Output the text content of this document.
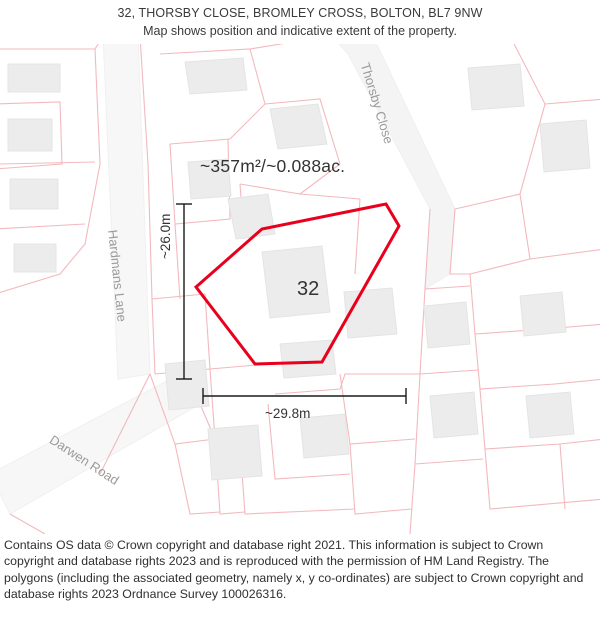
32, THORSBY CLOSE, BROMLEY CROSS, BOLTON, BL7 9NW
Map shows position and indicative extent of the property.
~357m²/~0.088ac.
32
~26.0m
~29.8m
Thorsby Close
Hardmans Lane
Darwen Road
Contains OS data © Crown copyright and database right 2021. This information is subject to Crown copyright and database rights 2023 and is reproduced with the permission of HM Land Registry. The polygons (including the associated geometry, namely x, y co-ordinates) are subject to Crown copyright and database rights 2023 Ordnance Survey 100026316.
